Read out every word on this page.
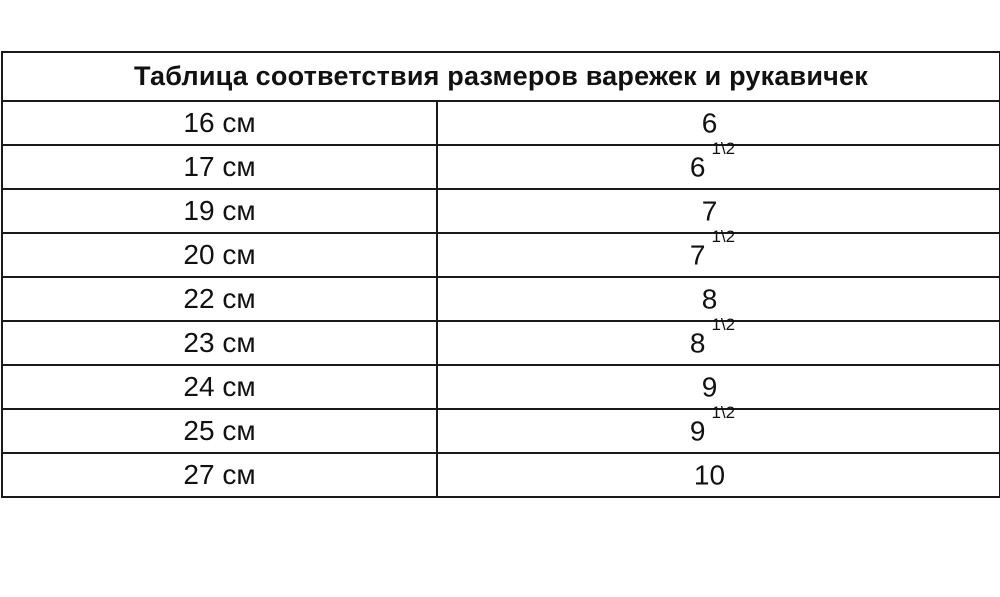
Таблица соответствия размеров варежек и рукавичек	
16 см	6
17 см	$6^{1\backslash 2}$
19 см	7
20 см	$7^{1\backslash 2}$
22 см	8
23 см	$8^{1\backslash 2}$
24 см	9
25 см	$9^{1\backslash 2}$
27 см	10
